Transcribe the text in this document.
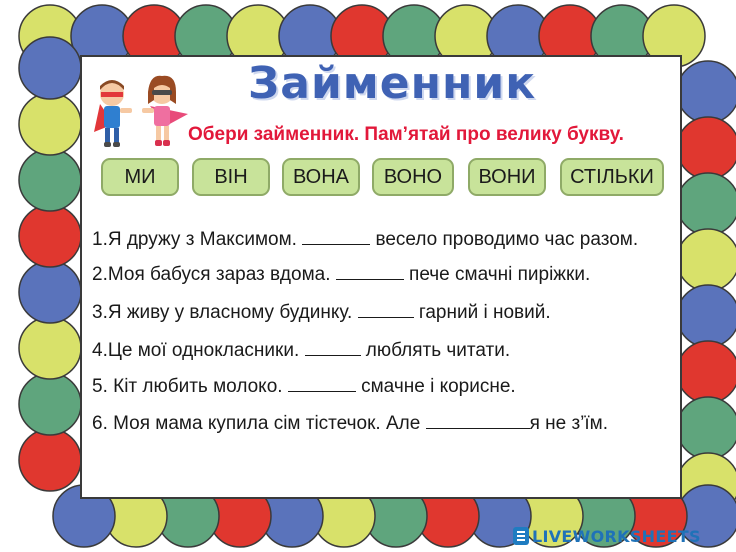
Займенник
Обери займенник. Пам’ятай про велику букву.
МИ	ВІН	ВОНА	ВОНО	ВОНИ	СТІЛЬКИ
1.Я дружу з Максимом.	весело проводимо час разом.
2.Моя бабуся зараз вдома.	пече смачні пиріжки.
3.Я живу у власному будинку.	гарний і новий.
4.Це мої однокласники.	люблять читати.
5. Кіт любить молоко.	смачне і корисне.
6. Моя мама купила сім тістечок. Але	я не з’їм.
LIVEWORKSHEETS
